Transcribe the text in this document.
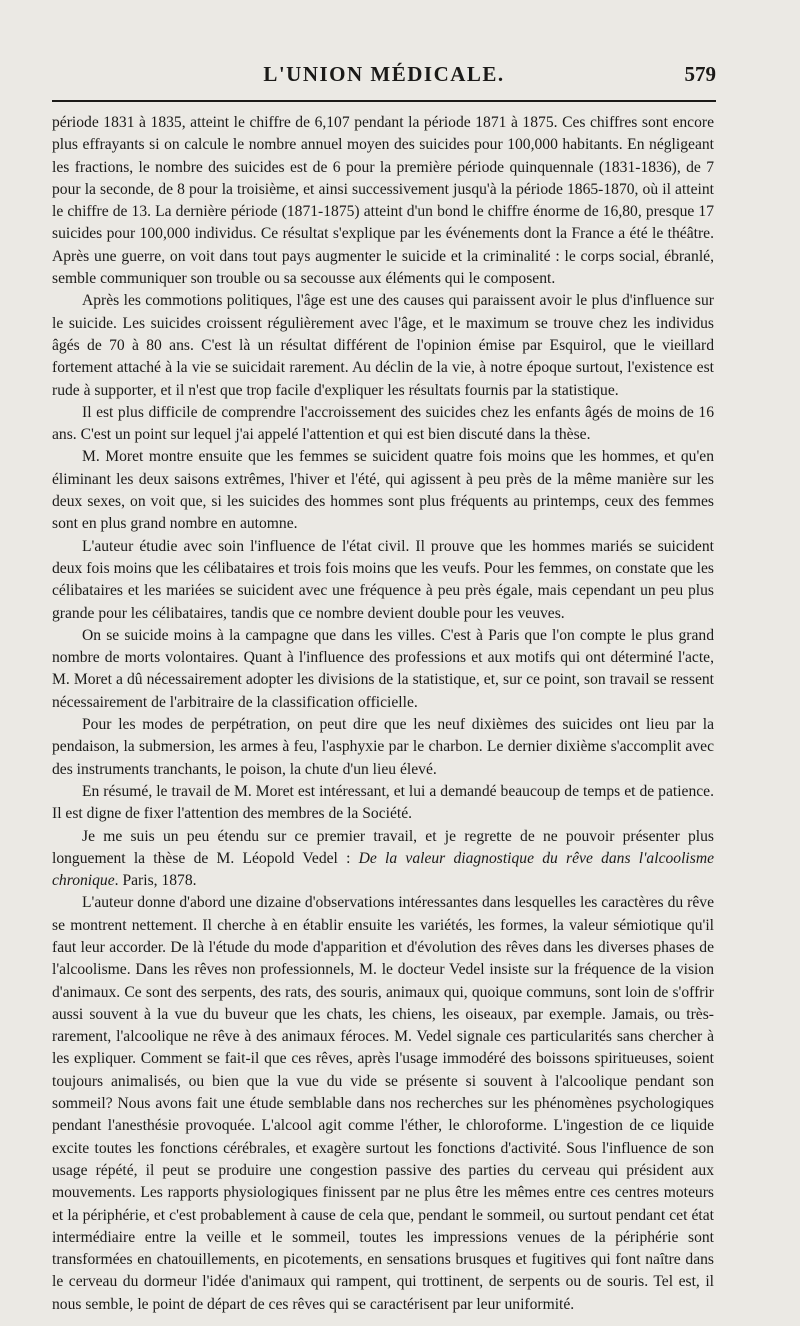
L'UNION MÉDICALE.	579

période 1831 à 1835, atteint le chiffre de 6,107 pendant la période 1871 à 1875. Ces chiffres sont encore plus effrayants si on calcule le nombre annuel moyen des suicides pour 100,000 habitants. En négligeant les fractions, le nombre des suicides est de 6 pour la première période quinquennale (1831-1836), de 7 pour la seconde, de 8 pour la troisième, et ainsi successivement jusqu'à la période 1865-1870, où il atteint le chiffre de 13. La dernière période (1871-1875) atteint d'un bond le chiffre énorme de 16,80, presque 17 suicides pour 100,000 individus. Ce résultat s'explique par les événements dont la France a été le théâtre. Après une guerre, on voit dans tout pays augmenter le suicide et la criminalité : le corps social, ébranlé, semble communiquer son trouble ou sa secousse aux éléments qui le composent.

Après les commotions politiques, l'âge est une des causes qui paraissent avoir le plus d'influence sur le suicide. Les suicides croissent régulièrement avec l'âge, et le maximum se trouve chez les individus âgés de 70 à 80 ans. C'est là un résultat différent de l'opinion émise par Esquirol, que le vieillard fortement attaché à la vie se suicidait rarement. Au déclin de la vie, à notre époque surtout, l'existence est rude à supporter, et il n'est que trop facile d'expliquer les résultats fournis par la statistique.

Il est plus difficile de comprendre l'accroissement des suicides chez les enfants âgés de moins de 16 ans. C'est un point sur lequel j'ai appelé l'attention et qui est bien discuté dans la thèse.

M. Moret montre ensuite que les femmes se suicident quatre fois moins que les hommes, et qu'en éliminant les deux saisons extrêmes, l'hiver et l'été, qui agissent à peu près de la même manière sur les deux sexes, on voit que, si les suicides des hommes sont plus fréquents au printemps, ceux des femmes sont en plus grand nombre en automne.

L'auteur étudie avec soin l'influence de l'état civil. Il prouve que les hommes mariés se suicident deux fois moins que les célibataires et trois fois moins que les veufs. Pour les femmes, on constate que les célibataires et les mariées se suicident avec une fréquence à peu près égale, mais cependant un peu plus grande pour les célibataires, tandis que ce nombre devient double pour les veuves.

On se suicide moins à la campagne que dans les villes. C'est à Paris que l'on compte le plus grand nombre de morts volontaires. Quant à l'influence des professions et aux motifs qui ont déterminé l'acte, M. Moret a dû nécessairement adopter les divisions de la statistique, et, sur ce point, son travail se ressent nécessairement de l'arbitraire de la classification officielle.

Pour les modes de perpétration, on peut dire que les neuf dixièmes des suicides ont lieu par la pendaison, la submersion, les armes à feu, l'asphyxie par le charbon. Le dernier dixième s'accomplit avec des instruments tranchants, le poison, la chute d'un lieu élevé.

En résumé, le travail de M. Moret est intéressant, et lui a demandé beaucoup de temps et de patience. Il est digne de fixer l'attention des membres de la Société.

Je me suis un peu étendu sur ce premier travail, et je regrette de ne pouvoir présenter plus longuement la thèse de M. Léopold Vedel : De la valeur diagnostique du rêve dans l'alcoolisme chronique. Paris, 1878.

L'auteur donne d'abord une dizaine d'observations intéressantes dans lesquelles les caractères du rêve se montrent nettement. Il cherche à en établir ensuite les variétés, les formes, la valeur sémiotique qu'il faut leur accorder. De là l'étude du mode d'apparition et d'évolution des rêves dans les diverses phases de l'alcoolisme. Dans les rêves non professionnels, M. le docteur Vedel insiste sur la fréquence de la vision d'animaux. Ce sont des serpents, des rats, des souris, animaux qui, quoique communs, sont loin de s'offrir aussi souvent à la vue du buveur que les chats, les chiens, les oiseaux, par exemple. Jamais, ou très-rarement, l'alcoolique ne rêve à des animaux féroces. M. Vedel signale ces particularités sans chercher à les expliquer. Comment se fait-il que ces rêves, après l'usage immodéré des boissons spiritueuses, soient toujours animalisés, ou bien que la vue du vide se présente si souvent à l'alcoolique pendant son sommeil? Nous avons fait une étude semblable dans nos recherches sur les phénomènes psychologiques pendant l'anesthésie provoquée. L'alcool agit comme l'éther, le chloroforme. L'ingestion de ce liquide excite toutes les fonctions cérébrales, et exagère surtout les fonctions d'activité. Sous l'influence de son usage répété, il peut se produire une congestion passive des parties du cerveau qui président aux mouvements. Les rapports physiologiques finissent par ne plus être les mêmes entre ces centres moteurs et la périphérie, et c'est probablement à cause de cela que, pendant le sommeil, ou surtout pendant cet état intermédiaire entre la veille et le sommeil, toutes les impressions venues de la périphérie sont transformées en chatouillements, en picotements, en sensations brusques et fugitives qui font naître dans le cerveau du dormeur l'idée d'animaux qui rampent, qui trottinent, de serpents ou de souris. Tel est, il nous semble, le point de départ de ces rêves qui se caractérisent par leur uniformité.
